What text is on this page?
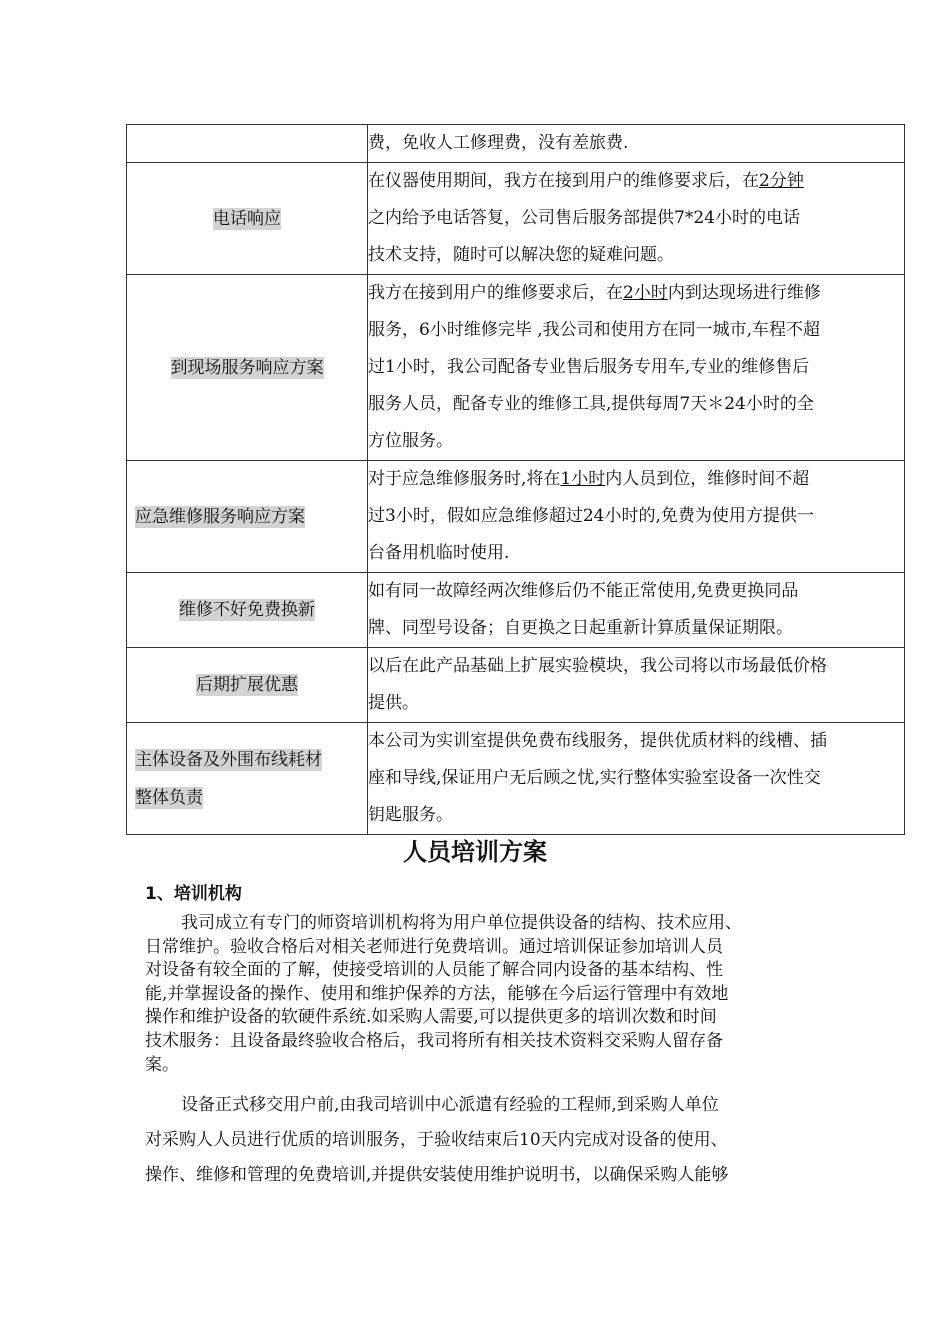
	费，免收人工修理费，没有差旅费.

电话响应	在仪器使用期间，我方在接到用户的维修要求后，在2分钟
之内给予电话答复，公司售后服务部提供7*24小时的电话
技术支持，随时可以解决您的疑难问题。

到现场服务响应方案	我方在接到用户的维修要求后，在2小时内到达现场进行维修
服务，6小时维修完毕 ,我公司和使用方在同一城市,车程不超
过1小时，我公司配备专业售后服务专用车,专业的维修售后
服务人员，配备专业的维修工具,提供每周7天＊24小时的全
方位服务。

应急维修服务响应方案	对于应急维修服务时,将在1小时内人员到位，维修时间不超
过3小时，假如应急维修超过24小时的,免费为使用方提供一
台备用机临时使用.

维修不好免费换新	如有同一故障经两次维修后仍不能正常使用,免费更换同品
牌、同型号设备；自更换之日起重新计算质量保证期限。

后期扩展优惠	以后在此产品基础上扩展实验模块，我公司将以市场最低价格
提供。

主体设备及外围布线耗材
整体负责	本公司为实训室提供免费布线服务，提供优质材料的线槽、插
座和导线,保证用户无后顾之忧,实行整体实验室设备一次性交
钥匙服务。
人员培训方案
1、培训机构
我司成立有专门的师资培训机构将为用户单位提供设备的结构、技术应用、
日常维护。验收合格后对相关老师进行免费培训。通过培训保证参加培训人员
对设备有较全面的了解，使接受培训的人员能了解合同内设备的基本结构、性
能,并掌握设备的操作、使用和维护保养的方法，能够在今后运行管理中有效地
操作和维护设备的软硬件系统.如采购人需要,可以提供更多的培训次数和时间
技术服务：且设备最终验收合格后，我司将所有相关技术资料交采购人留存备
案。
设备正式移交用户前,由我司培训中心派遣有经验的工程师,到采购人单位
对采购人人员进行优质的培训服务，于验收结束后10天内完成对设备的使用、
操作、维修和管理的免费培训,并提供安装使用维护说明书，以确保采购人能够
